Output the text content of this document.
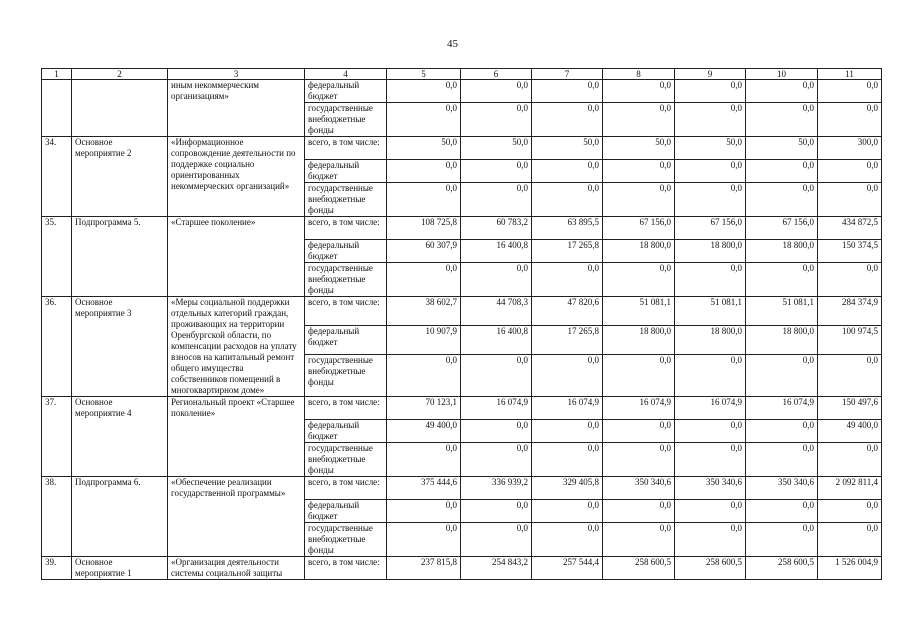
45
1	2	3	4	5	6	7	8	9	10	11
		иным некоммерческим организациям»	федеральный бюджет	0,0	0,0	0,0	0,0	0,0	0,0	0,0
			государственные внебюджетные фонды	0,0	0,0	0,0	0,0	0,0	0,0	0,0
34.	Основное мероприятие 2	«Информационное сопровождение деятельности по поддержке социально ориентированных некоммерческих организаций»	всего, в том числе:	50,0	50,0	50,0	50,0	50,0	50,0	300,0
			федеральный бюджет	0,0	0,0	0,0	0,0	0,0	0,0	0,0
			государственные внебюджетные фонды	0,0	0,0	0,0	0,0	0,0	0,0	0,0
35.	Подпрограмма 5.	«Старшее поколение»	всего, в том числе:	108 725,8	60 783,2	63 895,5	67 156,0	67 156,0	67 156,0	434 872,5
			федеральный бюджет	60 307,9	16 400,8	17 265,8	18 800,0	18 800,0	18 800,0	150 374,5
			государственные внебюджетные фонды	0,0	0,0	0,0	0,0	0,0	0,0	0,0
36.	Основное мероприятие 3	«Меры социальной поддержки отдельных категорий граждан, проживающих на территории Оренбургской области, по компенсации расходов на уплату взносов на капитальный ремонт общего имущества собственников помещений в многоквартирном доме»	всего, в том числе:	38 602,7	44 708,3	47 820,6	51 081,1	51 081,1	51 081,1	284 374,9
			федеральный бюджет	10 907,9	16 400,8	17 265,8	18 800,0	18 800,0	18 800,0	100 974,5
			государственные внебюджетные фонды	0,0	0,0	0,0	0,0	0,0	0,0	0,0
37.	Основное мероприятие 4	Региональный проект «Старшее поколение»	всего, в том числе:	70 123,1	16 074,9	16 074,9	16 074,9	16 074,9	16 074,9	150 497,6
			федеральный бюджет	49 400,0	0,0	0,0	0,0	0,0	0,0	49 400,0
			государственные внебюджетные фонды	0,0	0,0	0,0	0,0	0,0	0,0	0,0
38.	Подпрограмма 6.	«Обеспечение реализации государственной программы»	всего, в том числе:	375 444,6	336 939,2	329 405,8	350 340,6	350 340,6	350 340,6	2 092 811,4
			федеральный бюджет	0,0	0,0	0,0	0,0	0,0	0,0	0,0
			государственные внебюджетные фонды	0,0	0,0	0,0	0,0	0,0	0,0	0,0
39.	Основное мероприятие 1	«Организация деятельности системы социальной защиты	всего, в том числе:	237 815,8	254 843,2	257 544,4	258 600,5	258 600,5	258 600,5	1 526 004,9
